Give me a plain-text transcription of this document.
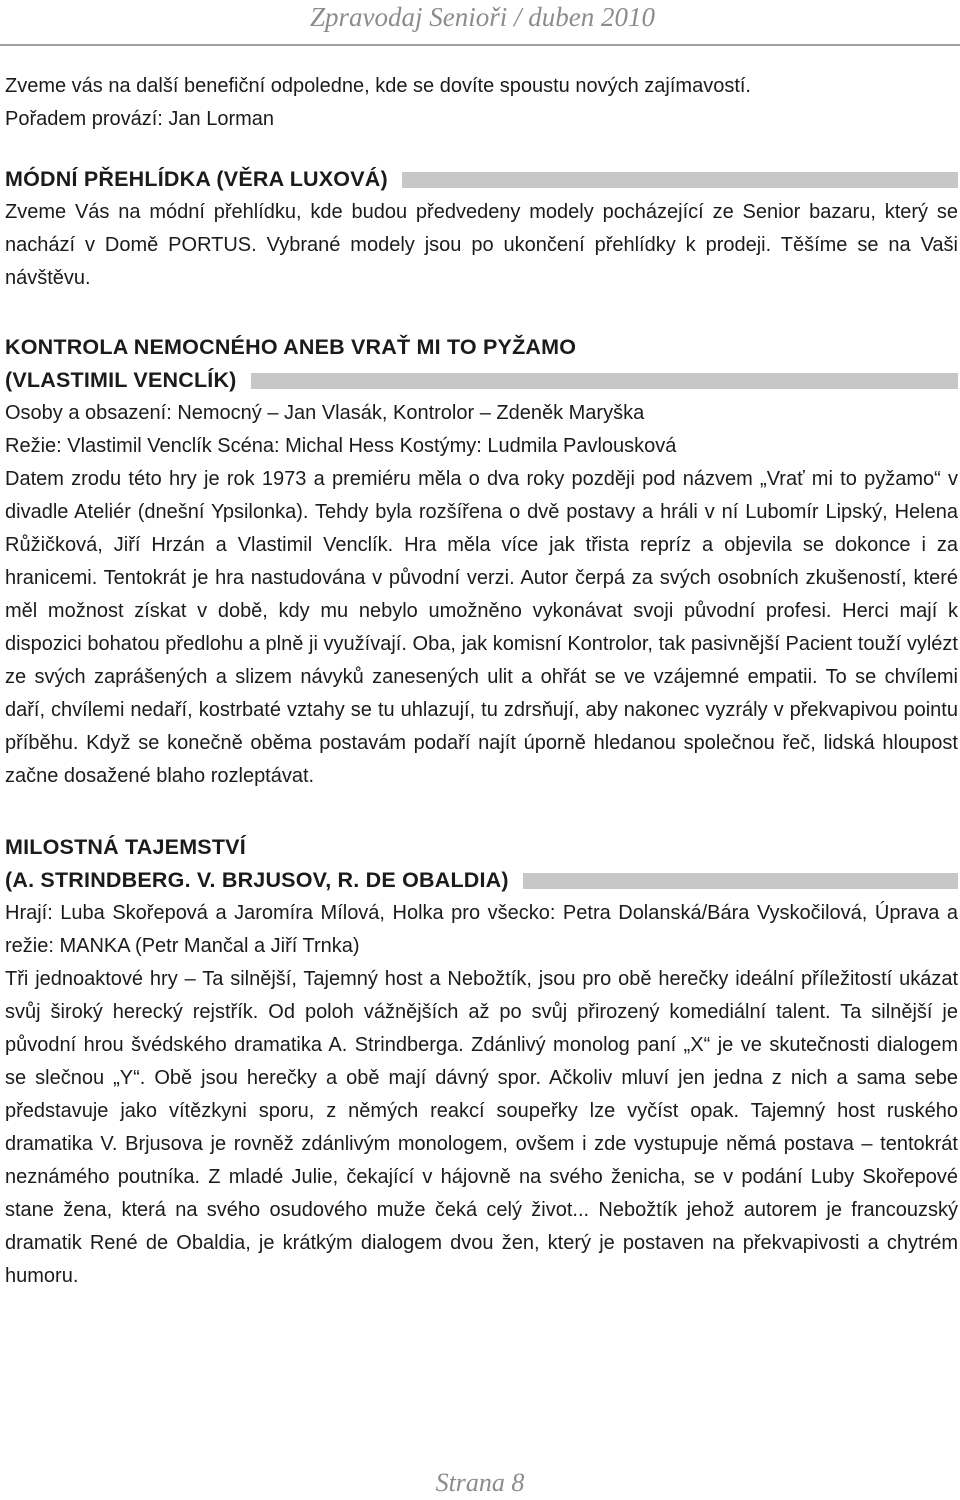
Zpravodaj Senioři / duben 2010

Zveme vás na další benefiční odpoledne, kde se dovíte spoustu nových zajímavostí.

Pořadem provází: Jan Lorman

MÓDNÍ PŘEHLÍDKA (VĚRA LUXOVÁ)

Zveme Vás na módní přehlídku, kde budou předvedeny modely pocházející ze Senior bazaru, který se nachází v Domě PORTUS. Vybrané modely jsou po ukončení přehlídky k prodeji. Těšíme se na Vaši návštěvu.

KONTROLA NEMOCNÉHO ANEB VRAŤ MI TO PYŽAMO
(VLASTIMIL VENCLÍK)

Osoby a obsazení: Nemocný – Jan Vlasák, Kontrolor – Zdeněk Maryška

Režie: Vlastimil Venclík Scéna: Michal Hess Kostýmy: Ludmila Pavlousková

Datem zrodu této hry je rok 1973 a premiéru měla o dva roky později pod názvem „Vrať mi to pyžamo“ v divadle Ateliér (dnešní Ypsilonka). Tehdy byla rozšířena o dvě postavy a hráli v ní Lubomír Lipský, Helena Růžičková, Jiří Hrzán a Vlastimil Venclík. Hra měla více jak třista repríz a objevila se dokonce i za hranicemi. Tentokrát je hra nastudována v původní verzi. Autor čerpá za svých osobních zkušeností, které měl možnost získat v době, kdy mu nebylo umožněno vykonávat svoji původní profesi. Herci mají k dispozici bohatou předlohu a plně ji využívají. Oba, jak komisní Kontrolor, tak pasivnější Pacient touží vylézt ze svých zaprášených a slizem návyků zanesených ulit a ohřát se ve vzájemné empatii. To se chvílemi daří, chvílemi nedaří, kostrbaté vztahy se tu uhlazují, tu zdrsňují, aby nakonec vyzrály v překvapivou pointu příběhu. Když se konečně oběma postavám podaří najít úporně hledanou společnou řeč, lidská hloupost začne dosažené blaho rozleptávat.

MILOSTNÁ TAJEMSTVÍ
(A. STRINDBERG. V. BRJUSOV, R. DE OBALDIA)

Hrají: Luba Skořepová a Jaromíra Mílová, Holka pro všecko: Petra Dolanská/Bára Vyskočilová, Úprava a režie: MANKA (Petr Mančal a Jiří Trnka)

Tři jednoaktové hry – Ta silnější, Tajemný host a Nebožtík, jsou pro obě herečky ideální příležitostí ukázat svůj široký herecký rejstřík. Od poloh vážnějších až po svůj přirozený komediální talent. Ta silnější je původní hrou švédského dramatika A. Strindberga. Zdánlivý monolog paní „X“ je ve skutečnosti dialogem se slečnou „Y“. Obě jsou herečky a obě mají dávný spor. Ačkoliv mluví jen jedna z nich a sama sebe představuje jako vítězkyni sporu, z němých reakcí soupeřky lze vyčíst opak. Tajemný host ruského dramatika V. Brjusova je rovněž zdánlivým monologem, ovšem i zde vystupuje němá postava – tentokrát neznámého poutníka. Z mladé Julie, čekající v hájovně na svého ženicha, se v podání Luby Skořepové stane žena, která na svého osudového muže čeká celý život... Nebožtík jehož autorem je francouzský dramatik René de Obaldia, je krátkým dialogem dvou žen, který je postaven na překvapivosti a chytrém humoru.

Strana 8
